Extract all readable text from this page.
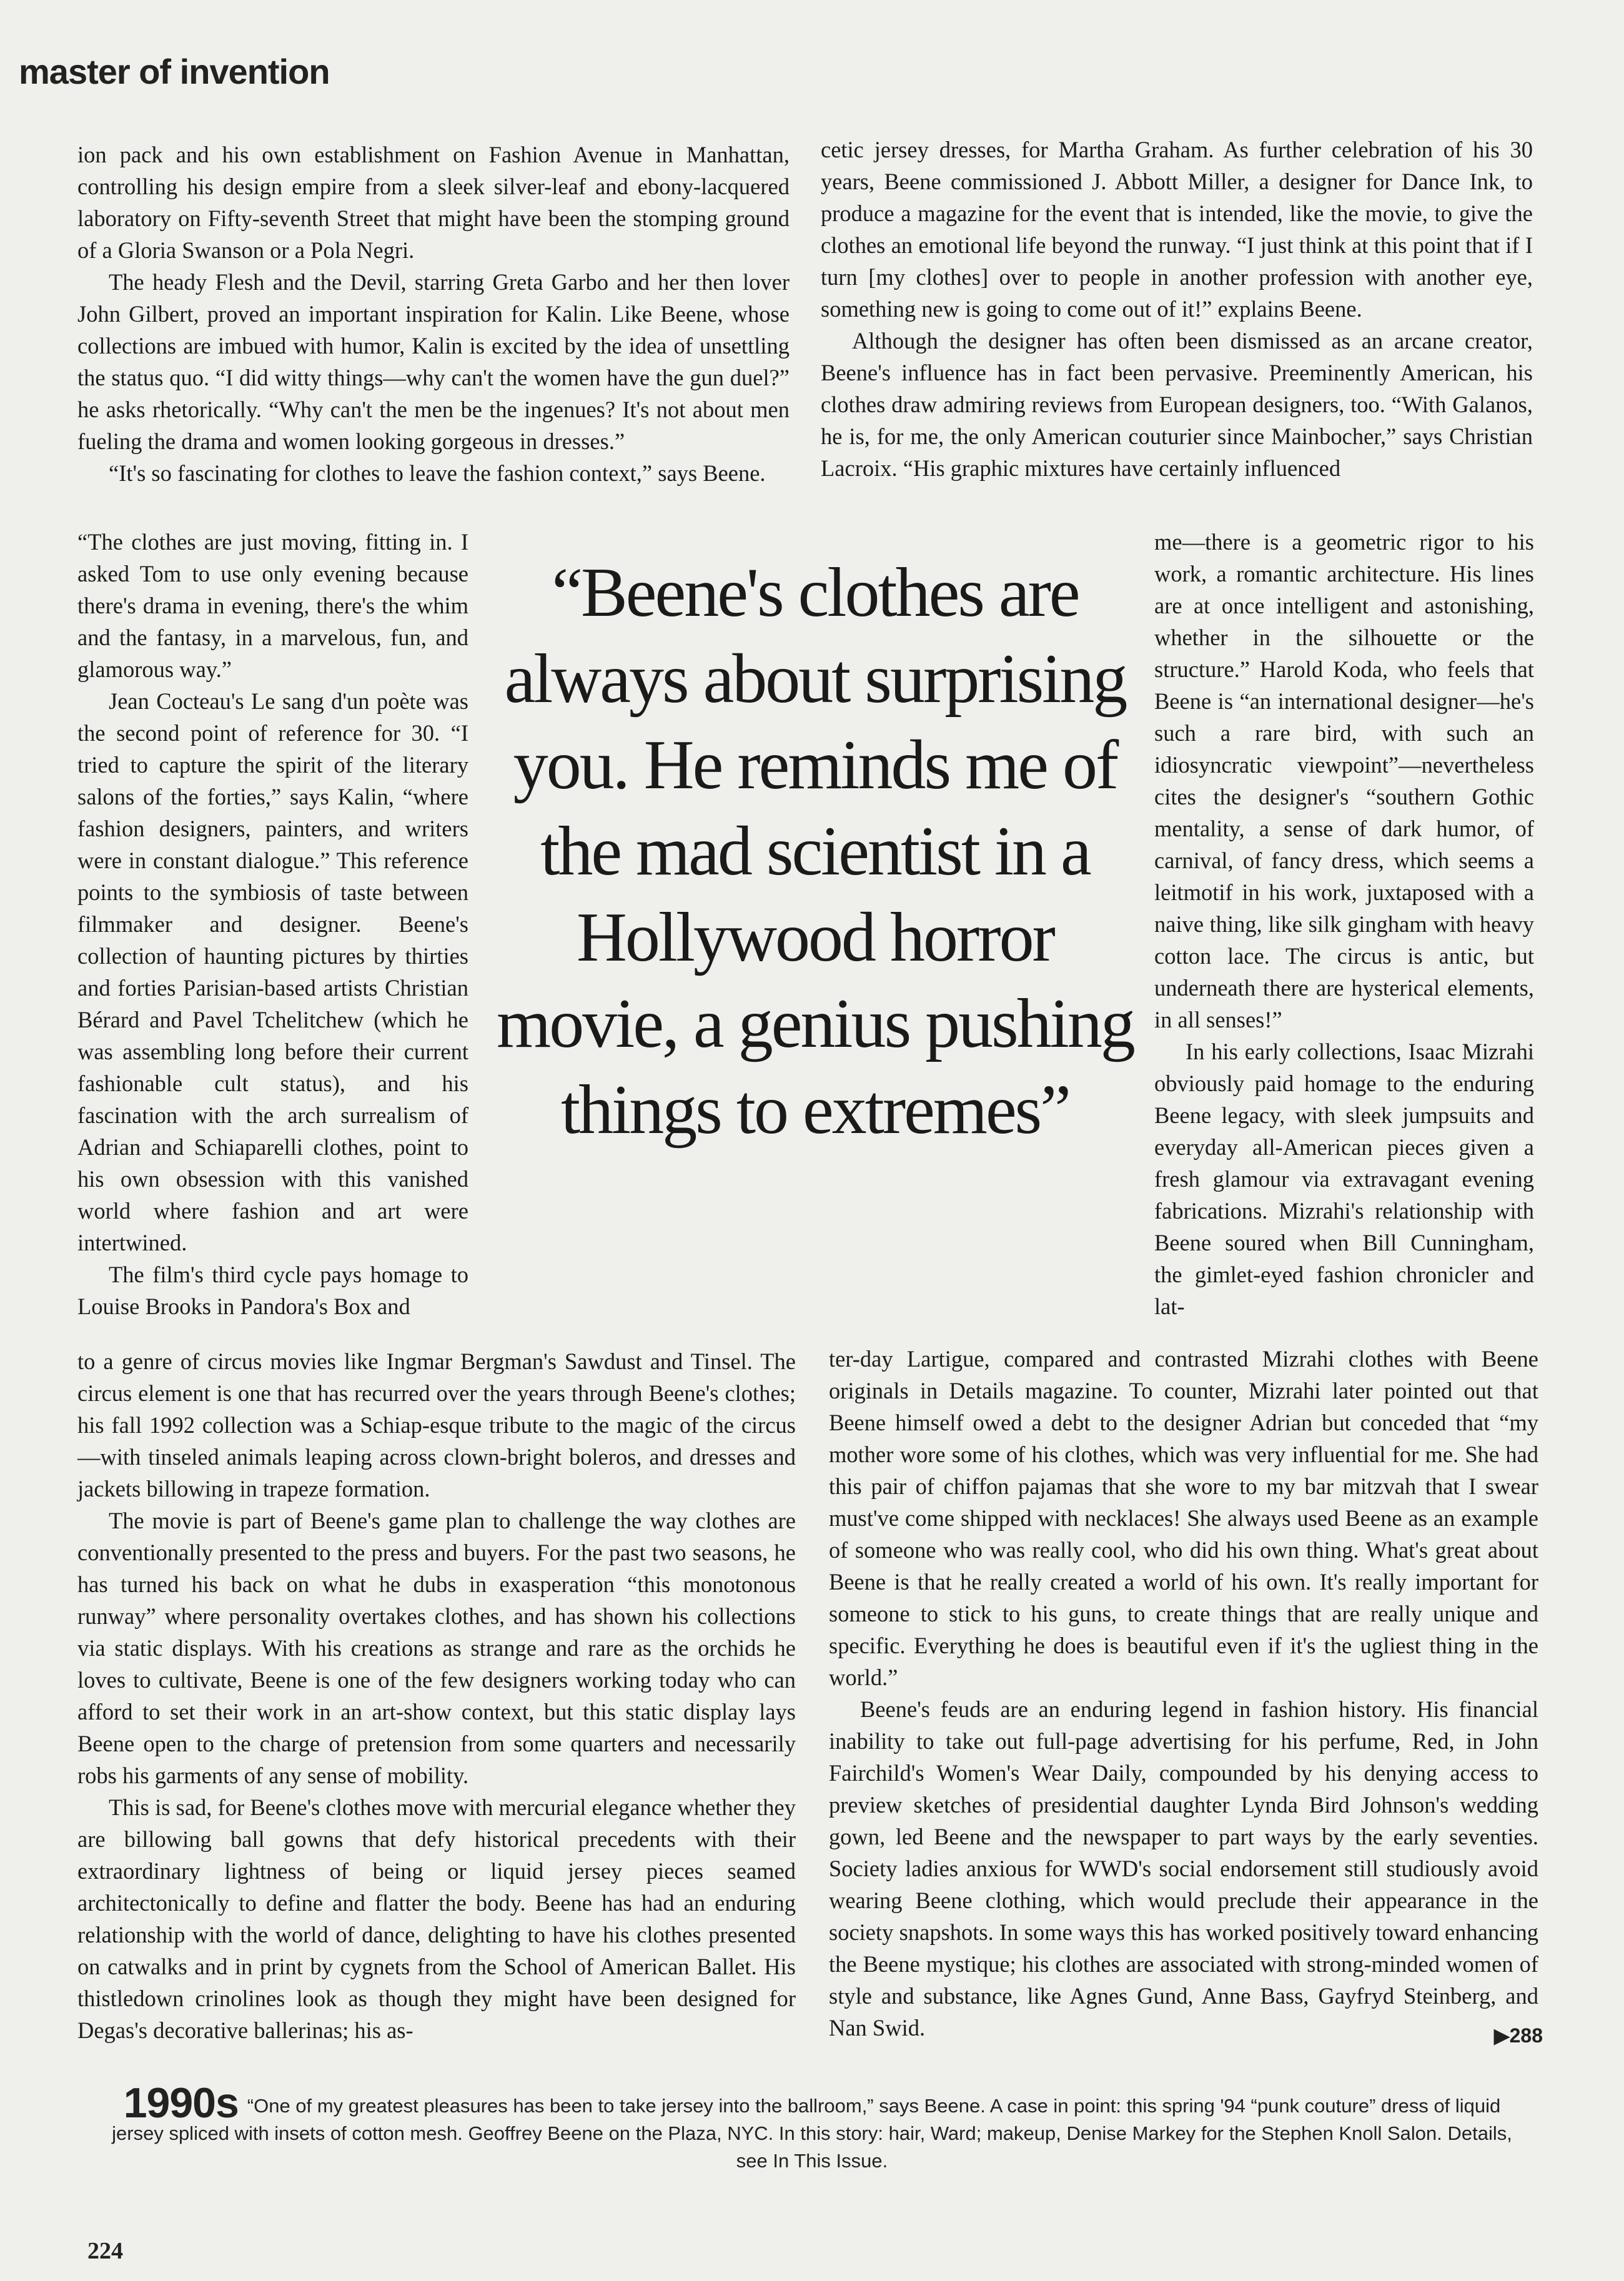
master of invention

ion pack and his own establishment on Fashion Avenue in Manhattan, controlling his design empire from a sleek silver-leaf and ebony-lacquered laboratory on Fifty-seventh Street that might have been the stomping ground of a Gloria Swanson or a Pola Negri.

The heady Flesh and the Devil, starring Greta Garbo and her then lover John Gilbert, proved an important inspiration for Kalin. Like Beene, whose collections are imbued with humor, Kalin is excited by the idea of unsettling the status quo. “I did witty things—why can't the women have the gun duel?” he asks rhetorically. “Why can't the men be the ingenues? It's not about men fueling the drama and women looking gorgeous in dresses.”

“It's so fascinating for clothes to leave the fashion context,” says Beene.

“The clothes are just moving, fitting in. I asked Tom to use only evening because there's drama in evening, there's the whim and the fantasy, in a marvelous, fun, and glamorous way.”

Jean Cocteau's Le sang d'un poète was the second point of reference for 30. “I tried to capture the spirit of the literary salons of the forties,” says Kalin, “where fashion designers, painters, and writers were in constant dialogue.” This reference points to the symbiosis of taste between filmmaker and designer. Beene's collection of haunting pictures by thirties and forties Parisian-based artists Christian Bérard and Pavel Tchelitchew (which he was assembling long before their current fashionable cult status), and his fascination with the arch surrealism of Adrian and Schiaparelli clothes, point to his own obsession with this vanished world where fashion and art were intertwined.

The film's third cycle pays homage to Louise Brooks in Pandora's Box and

to a genre of circus movies like Ingmar Bergman's Sawdust and Tinsel. The circus element is one that has recurred over the years through Beene's clothes; his fall 1992 collection was a Schiap-esque tribute to the magic of the circus—with tinseled animals leaping across clown-bright boleros, and dresses and jackets billowing in trapeze formation.

The movie is part of Beene's game plan to challenge the way clothes are conventionally presented to the press and buyers. For the past two seasons, he has turned his back on what he dubs in exasperation “this monotonous runway” where personality overtakes clothes, and has shown his collections via static displays. With his creations as strange and rare as the orchids he loves to cultivate, Beene is one of the few designers working today who can afford to set their work in an art-show context, but this static display lays Beene open to the charge of pretension from some quarters and necessarily robs his garments of any sense of mobility.

This is sad, for Beene's clothes move with mercurial elegance whether they are billowing ball gowns that defy historical precedents with their extraordinary lightness of being or liquid jersey pieces seamed architectonically to define and flatter the body. Beene has had an enduring relationship with the world of dance, delighting to have his clothes presented on catwalks and in print by cygnets from the School of American Ballet. His thistledown crinolines look as though they might have been designed for Degas's decorative ballerinas; his as-

cetic jersey dresses, for Martha Graham. As further celebration of his 30 years, Beene commissioned J. Abbott Miller, a designer for Dance Ink, to produce a magazine for the event that is intended, like the movie, to give the clothes an emotional life beyond the runway. “I just think at this point that if I turn [my clothes] over to people in another profession with another eye, something new is going to come out of it!” explains Beene.

Although the designer has often been dismissed as an arcane creator, Beene's influence has in fact been pervasive. Preeminently American, his clothes draw admiring reviews from European designers, too. “With Galanos, he is, for me, the only American couturier since Mainbocher,” says Christian Lacroix. “His graphic mixtures have certainly influenced

me—there is a geometric rigor to his work, a romantic architecture. His lines are at once intelligent and astonishing, whether in the silhouette or the structure.” Harold Koda, who feels that Beene is “an international designer—he's such a rare bird, with such an idiosyncratic viewpoint”—nevertheless cites the designer's “southern Gothic mentality, a sense of dark humor, of carnival, of fancy dress, which seems a leitmotif in his work, juxtaposed with a naive thing, like silk gingham with heavy cotton lace. The circus is antic, but underneath there are hysterical elements, in all senses!”

In his early collections, Isaac Mizrahi obviously paid homage to the enduring Beene legacy, with sleek jumpsuits and everyday all-American pieces given a fresh glamour via extravagant evening fabrications. Mizrahi's relationship with Beene soured when Bill Cunningham, the gimlet-eyed fashion chronicler and lat-

ter-day Lartigue, compared and contrasted Mizrahi clothes with Beene originals in Details magazine. To counter, Mizrahi later pointed out that Beene himself owed a debt to the designer Adrian but conceded that “my mother wore some of his clothes, which was very influential for me. She had this pair of chiffon pajamas that she wore to my bar mitzvah that I swear must've come shipped with necklaces! She always used Beene as an example of someone who was really cool, who did his own thing. What's great about Beene is that he really created a world of his own. It's really important for someone to stick to his guns, to create things that are really unique and specific. Everything he does is beautiful even if it's the ugliest thing in the world.”

Beene's feuds are an enduring legend in fashion history. His financial inability to take out full-page advertising for his perfume, Red, in John Fairchild's Women's Wear Daily, compounded by his denying access to preview sketches of presidential daughter Lynda Bird Johnson's wedding gown, led Beene and the newspaper to part ways by the early seventies. Society ladies anxious for WWD's social endorsement still studiously avoid wearing Beene clothing, which would preclude their appearance in the society snapshots. In some ways this has worked positively toward enhancing the Beene mystique; his clothes are associated with strong-minded women of style and substance, like Agnes Gund, Anne Bass, Gayfryd Steinberg, and Nan Swid.

“Beene's clothes are always about surprising you. He reminds me of the mad scientist in a Hollywood horror movie, a genius pushing things to extremes”
▶288
1990s “One of my greatest pleasures has been to take jersey into the ballroom,” says Beene. A case in point: this spring '94 “punk couture” dress of liquid jersey spliced with insets of cotton mesh. Geoffrey Beene on the Plaza, NYC. In this story: hair, Ward; makeup, Denise Markey for the Stephen Knoll Salon. Details, see In This Issue.
224
